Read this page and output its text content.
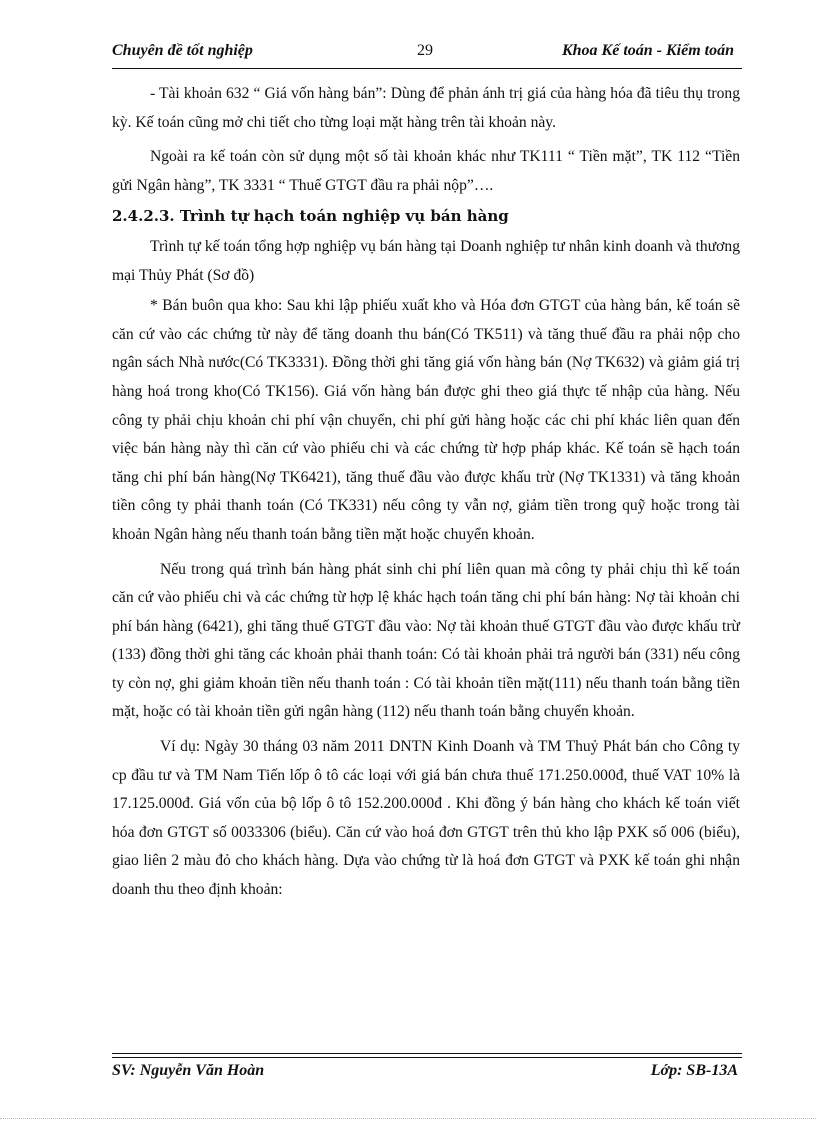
Chuyên đề tốt nghiệp	29	Khoa Kế toán - Kiểm toán

- Tài khoản 632 “ Giá vốn hàng bán”: Dùng để phản ánh trị giá của hàng hóa đã tiêu thụ trong kỳ. Kế toán cũng mở chi tiết cho từng loại mặt hàng trên tài khoản này.

Ngoài ra kế toán còn sử dụng một số tài khoản khác như TK111 “ Tiền mặt”, TK 112 “Tiền gửi Ngân hàng”, TK 3331 “ Thuế GTGT đầu ra phải nộp”….

2.4.2.3. Trình tự hạch toán nghiệp vụ bán hàng

Trình tự kế toán tổng hợp nghiệp vụ bán hàng tại Doanh nghiệp tư nhân kinh doanh và thương mại Thủy Phát (Sơ đồ)

* Bán buôn qua kho: Sau khi lập phiếu xuất kho và Hóa đơn GTGT của hàng bán, kế toán sẽ căn cứ vào các chứng từ này để tăng doanh thu bán(Có TK511) và tăng thuế đầu ra phải nộp cho ngân sách Nhà nước(Có TK3331). Đồng thời ghi tăng giá vốn hàng bán (Nợ TK632) và giảm giá trị hàng hoá trong kho(Có TK156). Giá vốn hàng bán được ghi theo giá thực tế nhập của hàng. Nếu công ty phải chịu khoản chi phí vận chuyển, chi phí gửi hàng hoặc các chi phí khác liên quan đến việc bán hàng này thì căn cứ vào phiếu chi và các chứng từ hợp pháp khác. Kế toán sẽ hạch toán tăng chi phí bán hàng(Nợ TK6421), tăng thuế đầu vào được khấu trừ (Nợ TK1331) và tăng khoản tiền công ty phải thanh toán (Có TK331) nếu công ty vẫn nợ, giảm tiền trong quỹ hoặc trong tài khoản Ngân hàng nếu thanh toán bằng tiền mặt hoặc chuyển khoản.

Nếu trong quá trình bán hàng phát sinh chi phí liên quan mà công ty phải chịu thì kế toán căn cứ vào phiếu chi và các chứng từ hợp lệ khác hạch toán tăng chi phí bán hàng: Nợ tài khoản chi phí bán hàng (6421), ghi tăng thuế GTGT đầu vào: Nợ tài khoản thuế GTGT đầu vào được khấu trừ (133) đồng thời ghi tăng các khoản phải thanh toán: Có tài khoản phải trả người bán (331) nếu công ty còn nợ, ghi giảm khoản tiền nếu thanh toán : Có tài khoản tiền mặt(111) nếu thanh toán bằng tiền mặt, hoặc có tài khoản tiền gửi ngân hàng (112) nếu thanh toán bằng chuyển khoản.

Ví dụ: Ngày 30 tháng 03 năm 2011 DNTN Kinh Doanh và TM Thuỷ Phát bán cho Công ty cp đầu tư và TM Nam Tiến lốp ô tô các loại với giá bán chưa thuế 171.250.000đ, thuế VAT 10% là 17.125.000đ. Giá vốn của bộ lốp ô tô 152.200.000đ . Khi đồng ý bán hàng cho khách kế toán viết hóa đơn GTGT số 0033306 (biểu). Căn cứ vào hoá đơn GTGT trên thủ kho lập PXK số 006 (biểu), giao liên 2 màu đỏ cho khách hàng. Dựa vào chứng từ là hoá đơn GTGT và PXK kế toán ghi nhận doanh thu theo định khoản:

SV: Nguyễn Văn Hoàn	Lớp: SB-13A
